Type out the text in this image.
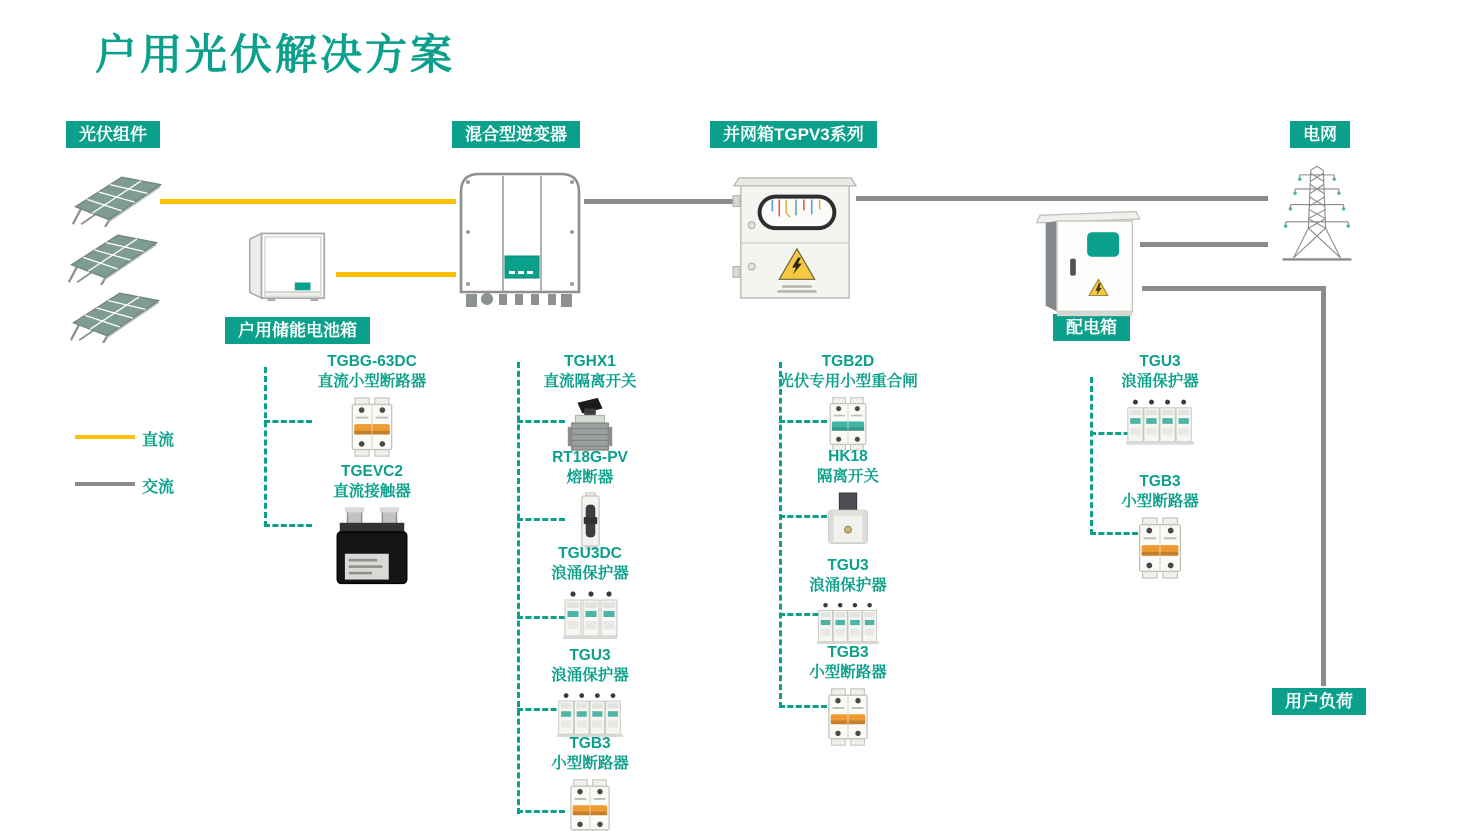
户用光伏解决方案
光伏组件	混合型逆变器	并网箱TGPV3系列	电网
户用储能电池箱	配电箱
用户负荷
直流
交流
TGBG-63DC
直流小型断路器
TGEVC2
直流接触器
TGHX1
直流隔离开关
RT18G-PV
熔断器
TGU3DC
浪涌保护器
TGU3
浪涌保护器
TGB3
小型断路器
TGB2D
光伏专用小型重合闸
HK18
隔离开关
TGU3
浪涌保护器
TGB3
小型断路器
TGU3
浪涌保护器
TGB3
小型断路器
